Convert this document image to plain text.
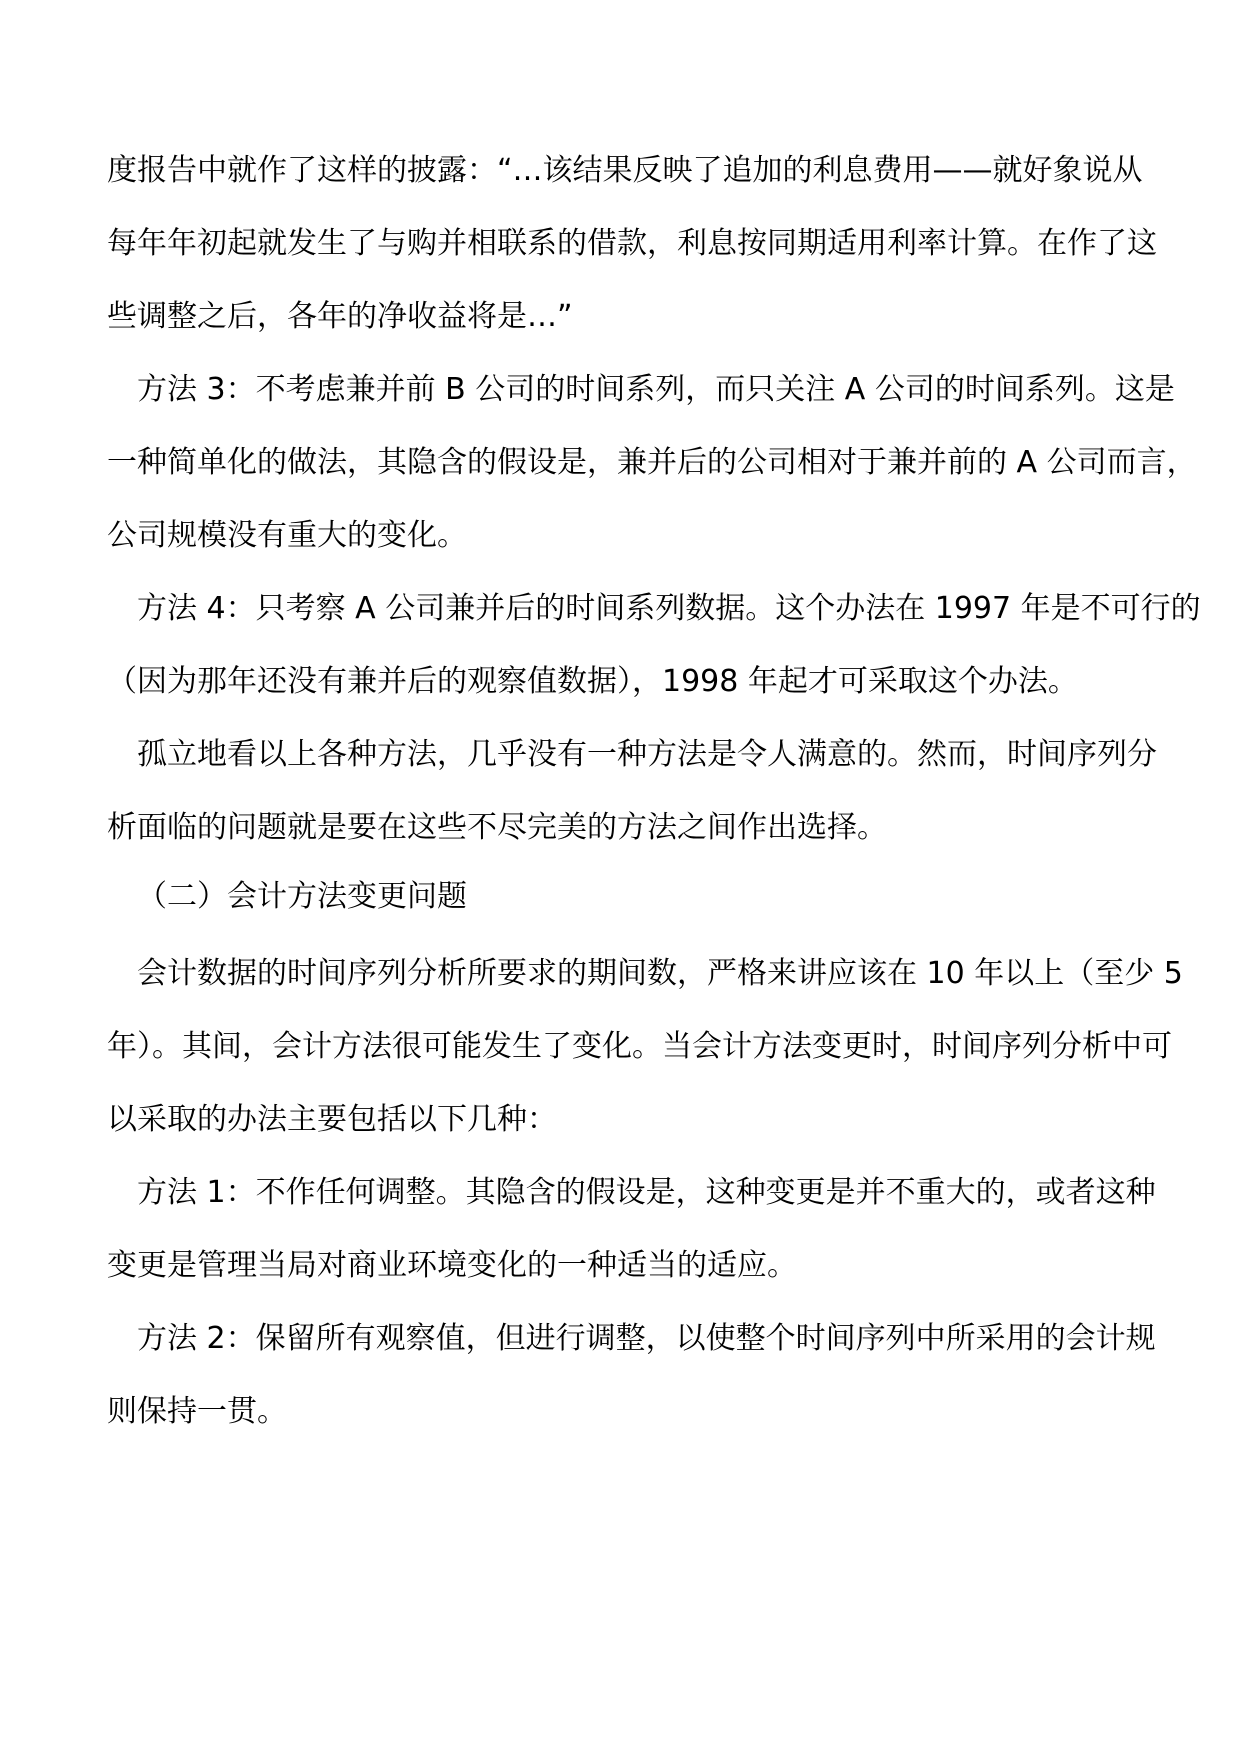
度报告中就作了这样的披露：“…该结果反映了追加的利息费用——就好象说从
每年年初起就发生了与购并相联系的借款，利息按同期适用利率计算。在作了这
些调整之后，各年的净收益将是…”
方法 3：不考虑兼并前 B 公司的时间系列，而只关注 A 公司的时间系列。这是
一种简单化的做法，其隐含的假设是，兼并后的公司相对于兼并前的 A 公司而言，
公司规模没有重大的变化。
方法 4：只考察 A 公司兼并后的时间系列数据。这个办法在 1997 年是不可行的
（因为那年还没有兼并后的观察值数据），1998 年起才可采取这个办法。
孤立地看以上各种方法，几乎没有一种方法是令人满意的。然而，时间序列分
析面临的问题就是要在这些不尽完美的方法之间作出选择。
（二）会计方法变更问题
会计数据的时间序列分析所要求的期间数，严格来讲应该在 10 年以上（至少 5
年）。其间，会计方法很可能发生了变化。当会计方法变更时，时间序列分析中可
以采取的办法主要包括以下几种：
方法 1：不作任何调整。其隐含的假设是，这种变更是并不重大的，或者这种
变更是管理当局对商业环境变化的一种适当的适应。
方法 2：保留所有观察值，但进行调整，以使整个时间序列中所采用的会计规
则保持一贯。
